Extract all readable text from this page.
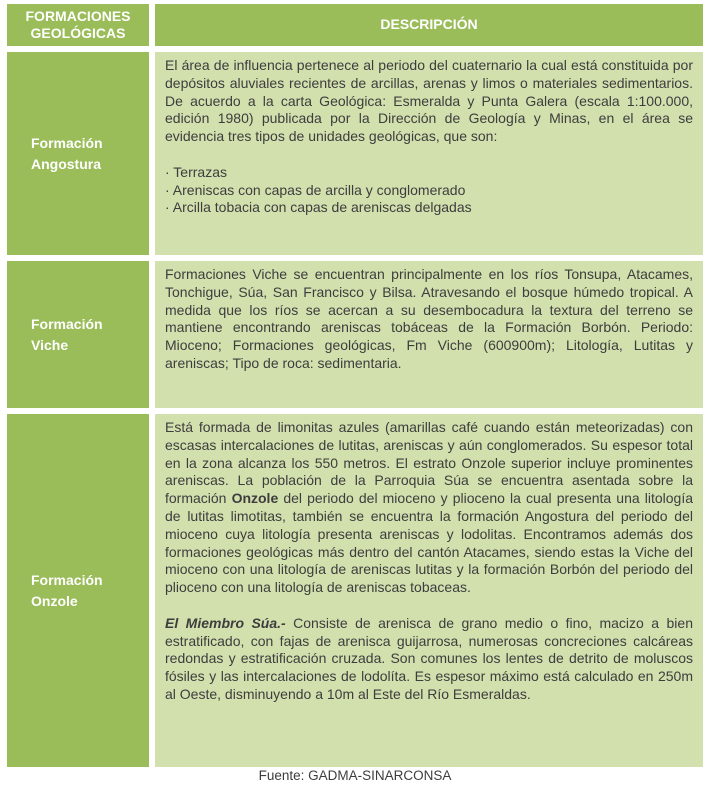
FORMACIONES GEOLÓGICAS
DESCRIPCIÓN
Formación Angostura

El área de influencia pertenece al periodo del cuaternario la cual está constituida por depósitos aluviales recientes de arcillas, arenas y limos o materiales sedimentarios. De acuerdo a la carta Geológica: Esmeralda y Punta Galera (escala 1:100.000, edición 1980) publicada por la Dirección de Geología y Minas, en el área se evidencia tres tipos de unidades geológicas, que son:

· Terrazas
· Areniscas con capas de arcilla y conglomerado
· Arcilla tobacia con capas de areniscas delgadas
Formación Viche

Formaciones Viche se encuentran principalmente en los ríos Tonsupa, Atacames, Tonchigue, Súa, San Francisco y Bilsa. Atravesando el bosque húmedo tropical. A medida que los ríos se acercan a su desembocadura la textura del terreno se mantiene encontrando areniscas tobáceas de la Formación Borbón. Periodo: Mioceno; Formaciones geológicas, Fm Viche (600900m); Litología, Lutitas y areniscas; Tipo de roca: sedimentaria.

Formación Onzole

Está formada de limonitas azules (amarillas café cuando están meteorizadas) con escasas intercalaciones de lutitas, areniscas y aún conglomerados. Su espesor total en la zona alcanza los 550 metros. El estrato Onzole superior incluye prominentes areniscas. La población de la Parroquia Súa se encuentra asentada sobre la formación Onzole del periodo del mioceno y plioceno la cual presenta una litología de lutitas limotitas, también se encuentra la formación Angostura del periodo del mioceno cuya litología presenta areniscas y lodolitas. Encontramos además dos formaciones geológicas más dentro del cantón Atacames, siendo estas la Viche del mioceno con una litología de areniscas lutitas y la formación Borbón del periodo del plioceno con una litología de areniscas tobaceas.

El Miembro Súa.- Consiste de arenisca de grano medio o fino, macizo a bien estratificado, con fajas de arenisca guijarrosa, numerosas concreciones calcáreas redondas y estratificación cruzada. Son comunes los lentes de detrito de moluscos fósiles y las intercalaciones de lodolíta. Es espesor máximo está calculado en 250m al Oeste, disminuyendo a 10m al Este del Río Esmeraldas.

Fuente: GADMA-SINARCONSA
